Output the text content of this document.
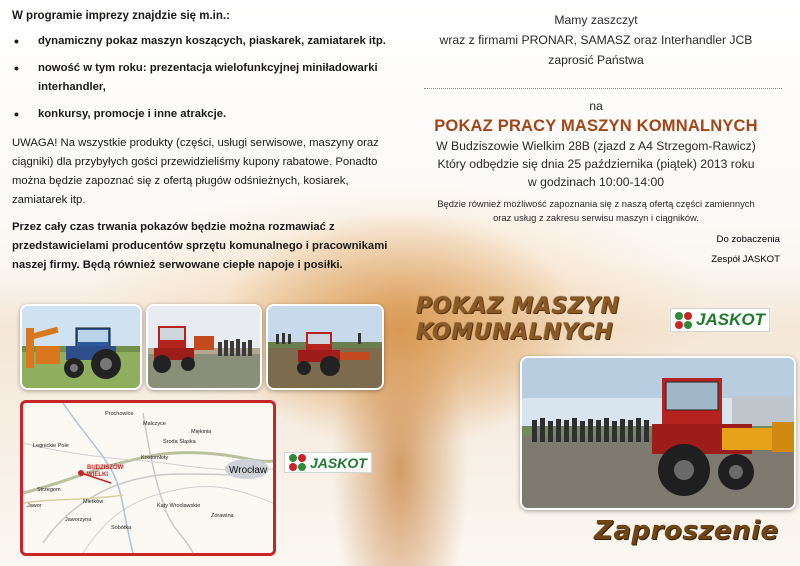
W programie imprezy znajdzie się m.in.:
• dynamiczny pokaz maszyn koszących, piaskarek, zamiatarek itp.
• nowość w tym roku: prezentacja wielofunkcyjnej miniładowarki interhandler,
• konkursy, promocje i inne atrakcje.
UWAGA! Na wszystkie produkty (części, usługi serwisowe, maszyny oraz ciągniki) dla przybyłych gości przewidzieliśmy kupony rabatowe. Ponadto można będzie zapoznać się z ofertą pługów odśnieżnych, kosiarek, zamiatarek itp.
Przez cały czas trwania pokazów będzie można rozmawiać z przedstawicielami producentów sprzętu komunalnego i pracownikami naszej firmy. Będą również serwowane ciepłe napoje i posiłki.
Mamy zaszczyt
wraz z firmami PRONAR, SAMASZ oraz Interhandler JCB
zaprosić Państwa
na
POKAZ PRACY MASZYN KOMNALNYCH
W Budziszowie Wielkim 28B (zjazd z A4 Strzegom-Rawicz)
Który odbędzie się dnia 25 października (piątek) 2013 roku
w godzinach 10:00-14:00
Będzie również możliwość zapoznania się z naszą ofertą części zamiennych
oraz usług z zakresu serwisu maszyn i ciągników.
Do zobaczenia
Zespół JASKOT
POKAZ MASZYN
KOMUNALNYCH
JASKOT
Legnickie Pole
Środa Śląska
Kąty Wrocławskie
Prochowice
Malczyce
Miękinia
Kostomłoty
Żórawina
Sobótka
Jaworzyna
Strzegom
Mietków
Jawor
BUDZISZÓW
WIELKI	Wrocław	JASKOT
Zaproszenie
